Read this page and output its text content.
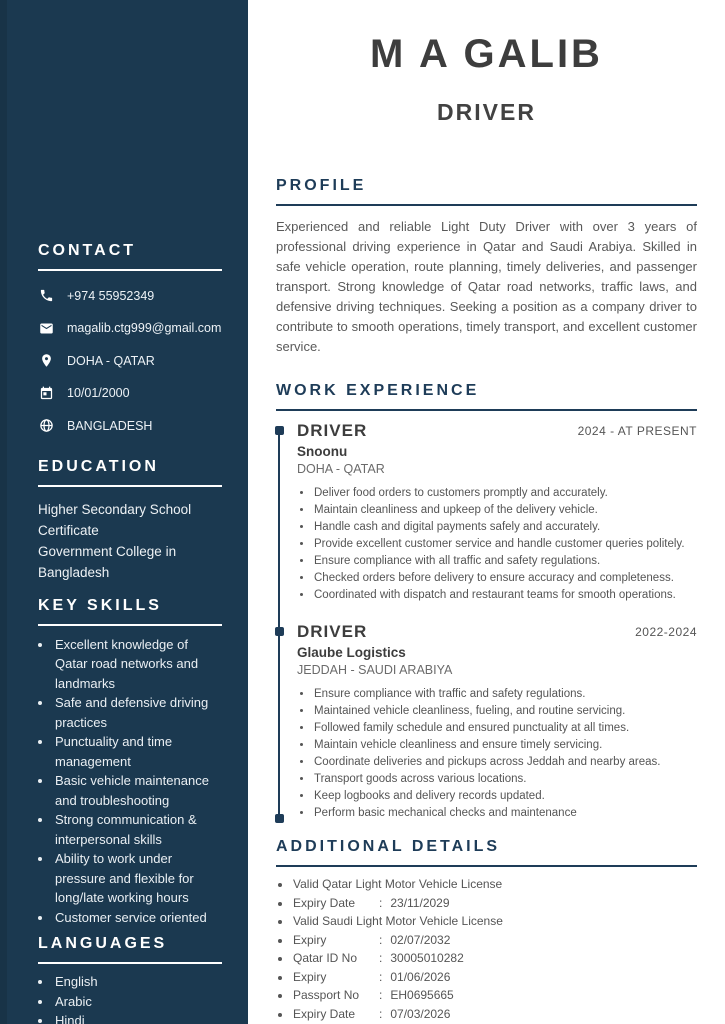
CONTACT
+974 55952349
magalib.ctg999@gmail.com
DOHA - QATAR
10/01/2000
BANGLADESH
EDUCATION
Higher Secondary School Certificate
Government College in Bangladesh
KEY SKILLS
• Excellent knowledge of Qatar road networks and landmarks
• Safe and defensive driving practices
• Punctuality and time management
• Basic vehicle maintenance and troubleshooting
• Strong communication & interpersonal skills
• Ability to work under pressure and flexible for long/late working hours
• Customer service oriented
LANGUAGES
• English
• Arabic
• Hindi
M A GALIB
DRIVER
PROFILE

Experienced and reliable Light Duty Driver with over 3 years of professional driving experience in Qatar and Saudi Arabiya. Skilled in safe vehicle operation, route planning, timely deliveries, and passenger transport. Strong knowledge of Qatar road networks, traffic laws, and defensive driving techniques. Seeking a position as a company driver to contribute to smooth operations, timely transport, and excellent customer service.

WORK EXPERIENCE
DRIVER	2024 - AT PRESENT
Snoonu
DOHA - QATAR
• Deliver food orders to customers promptly and accurately.
• Maintain cleanliness and upkeep of the delivery vehicle.
• Handle cash and digital payments safely and accurately.
• Provide excellent customer service and handle customer queries politely.
• Ensure compliance with all traffic and safety regulations.
• Checked orders before delivery to ensure accuracy and completeness.
• Coordinated with dispatch and restaurant teams for smooth operations.
DRIVER	2022-2024
Glaube Logistics
JEDDAH - SAUDI ARABIYA
• Ensure compliance with traffic and safety regulations.
• Maintained vehicle cleanliness, fueling, and routine servicing.
• Followed family schedule and ensured punctuality at all times.
• Maintain vehicle cleanliness and ensure timely servicing.
• Coordinate deliveries and pickups across Jeddah and nearby areas.
• Transport goods across various locations.
• Keep logbooks and delivery records updated.
• Perform basic mechanical checks and maintenance
ADDITIONAL DETAILS
• Valid Qatar Light Motor Vehicle License
• Expiry Date : 23/11/2029
• Valid Saudi Light Motor Vehicle License
• Expiry	: 02/07/2032
• Qatar ID No : 30005010282
• Expiry	: 01/06/2026
• Passport No : EH0695665
• Expiry Date : 07/03/2026
